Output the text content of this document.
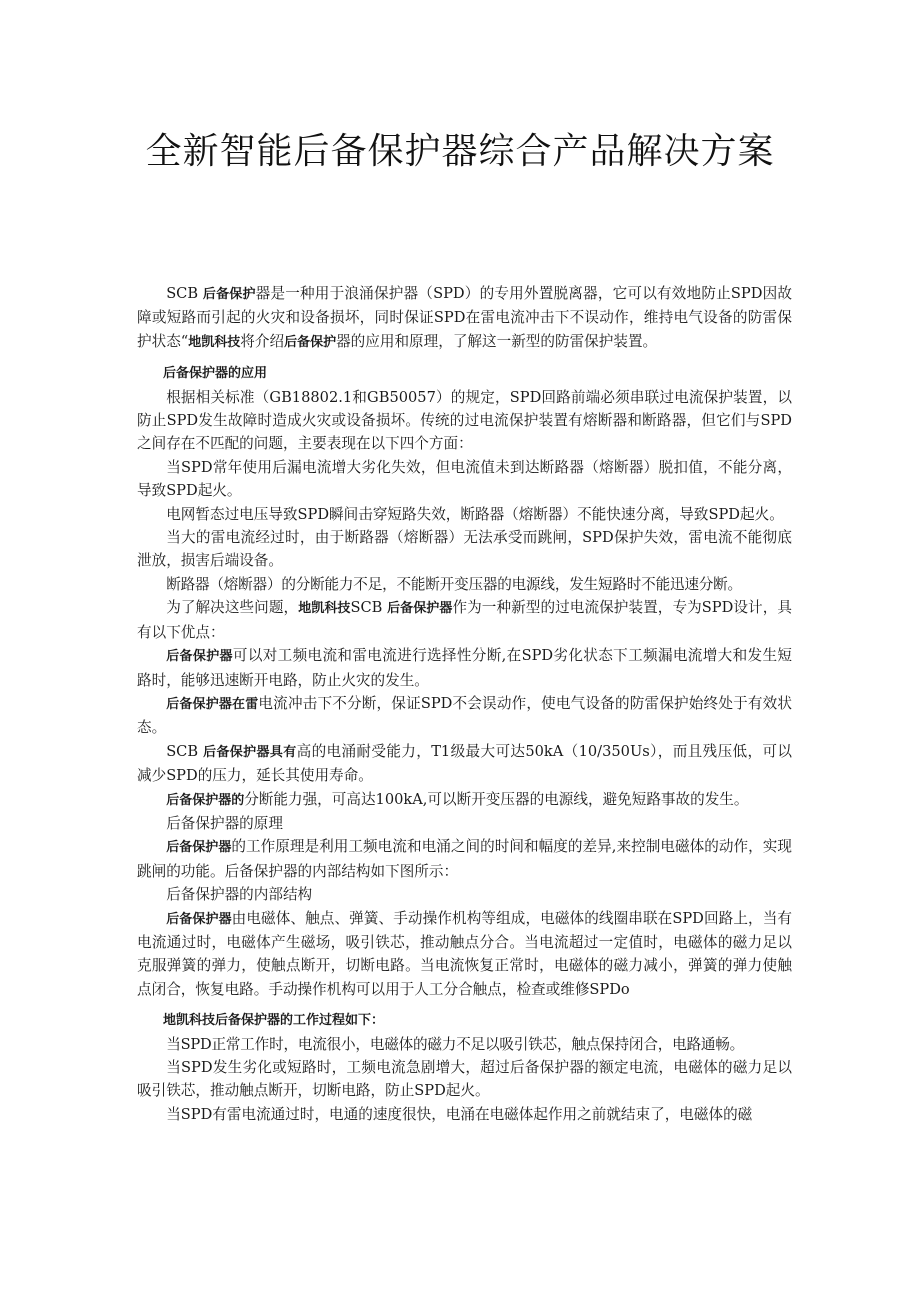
全新智能后备保护器综合产品解决方案

SCB 后备保护器是一种用于浪涌保护器（SPD）的专用外置脱离器，它可以有效地防止SPD因故障或短路而引起的火灾和设备损坏，同时保证SPD在雷电流冲击下不误动作，维持电气设备的防雷保护状态“地凯科技将介绍后备保护器的应用和原理，了解这一新型的防雷保护装置。

后备保护器的应用

根据相关标准（GB18802.1和GB50057）的规定，SPD回路前端必须串联过电流保护装置，以防止SPD发生故障时造成火灾或设备损坏。传统的过电流保护装置有熔断器和断路器，但它们与SPD之间存在不匹配的问题，主要表现在以下四个方面：

当SPD常年使用后漏电流增大劣化失效，但电流值未到达断路器（熔断器）脱扣值，不能分离，导致SPD起火。

电网暂态过电压导致SPD瞬间击穿短路失效，断路器（熔断器）不能快速分离，导致SPD起火。

当大的雷电流经过时，由于断路器（熔断器）无法承受而跳闸，SPD保护失效，雷电流不能彻底泄放，损害后端设备。

断路器（熔断器）的分断能力不足，不能断开变压器的电源线，发生短路时不能迅速分断。

为了解决这些问题，地凯科技SCB 后备保护器作为一种新型的过电流保护装置，专为SPD设计，具有以下优点：

后备保护器可以对工频电流和雷电流进行选择性分断,在SPD劣化状态下工频漏电流增大和发生短路时，能够迅速断开电路，防止火灾的发生。

后备保护器在雷电流冲击下不分断，保证SPD不会误动作，使电气设备的防雷保护始终处于有效状态。

SCB 后备保护器具有高的电涌耐受能力，T1级最大可达50kA（10/350Us），而且残压低，可以减少SPD的压力，延长其使用寿命。

后备保护器的分断能力强，可高达100kA,可以断开变压器的电源线，避免短路事故的发生。

后备保护器的原理

后备保护器的工作原理是利用工频电流和电涌之间的时间和幅度的差异,来控制电磁体的动作，实现跳闸的功能。后备保护器的内部结构如下图所示：

后备保护器的内部结构

后备保护器由电磁体、触点、弹簧、手动操作机构等组成，电磁体的线圈串联在SPD回路上，当有电流通过时，电磁体产生磁场，吸引铁芯，推动触点分合。当电流超过一定值时，电磁体的磁力足以克服弹簧的弹力，使触点断开，切断电路。当电流恢复正常时，电磁体的磁力减小，弹簧的弹力使触点闭合，恢复电路。手动操作机构可以用于人工分合触点，检查或维修SPDo

地凯科技后备保护器的工作过程如下：

当SPD正常工作时，电流很小，电磁体的磁力不足以吸引铁芯，触点保持闭合，电路通畅。

当SPD发生劣化或短路时，工频电流急剧增大，超过后备保护器的额定电流，电磁体的磁力足以吸引铁芯，推动触点断开，切断电路，防止SPD起火。

当SPD有雷电流通过时，电通的速度很快，电涌在电磁体起作用之前就结束了，电磁体的磁
